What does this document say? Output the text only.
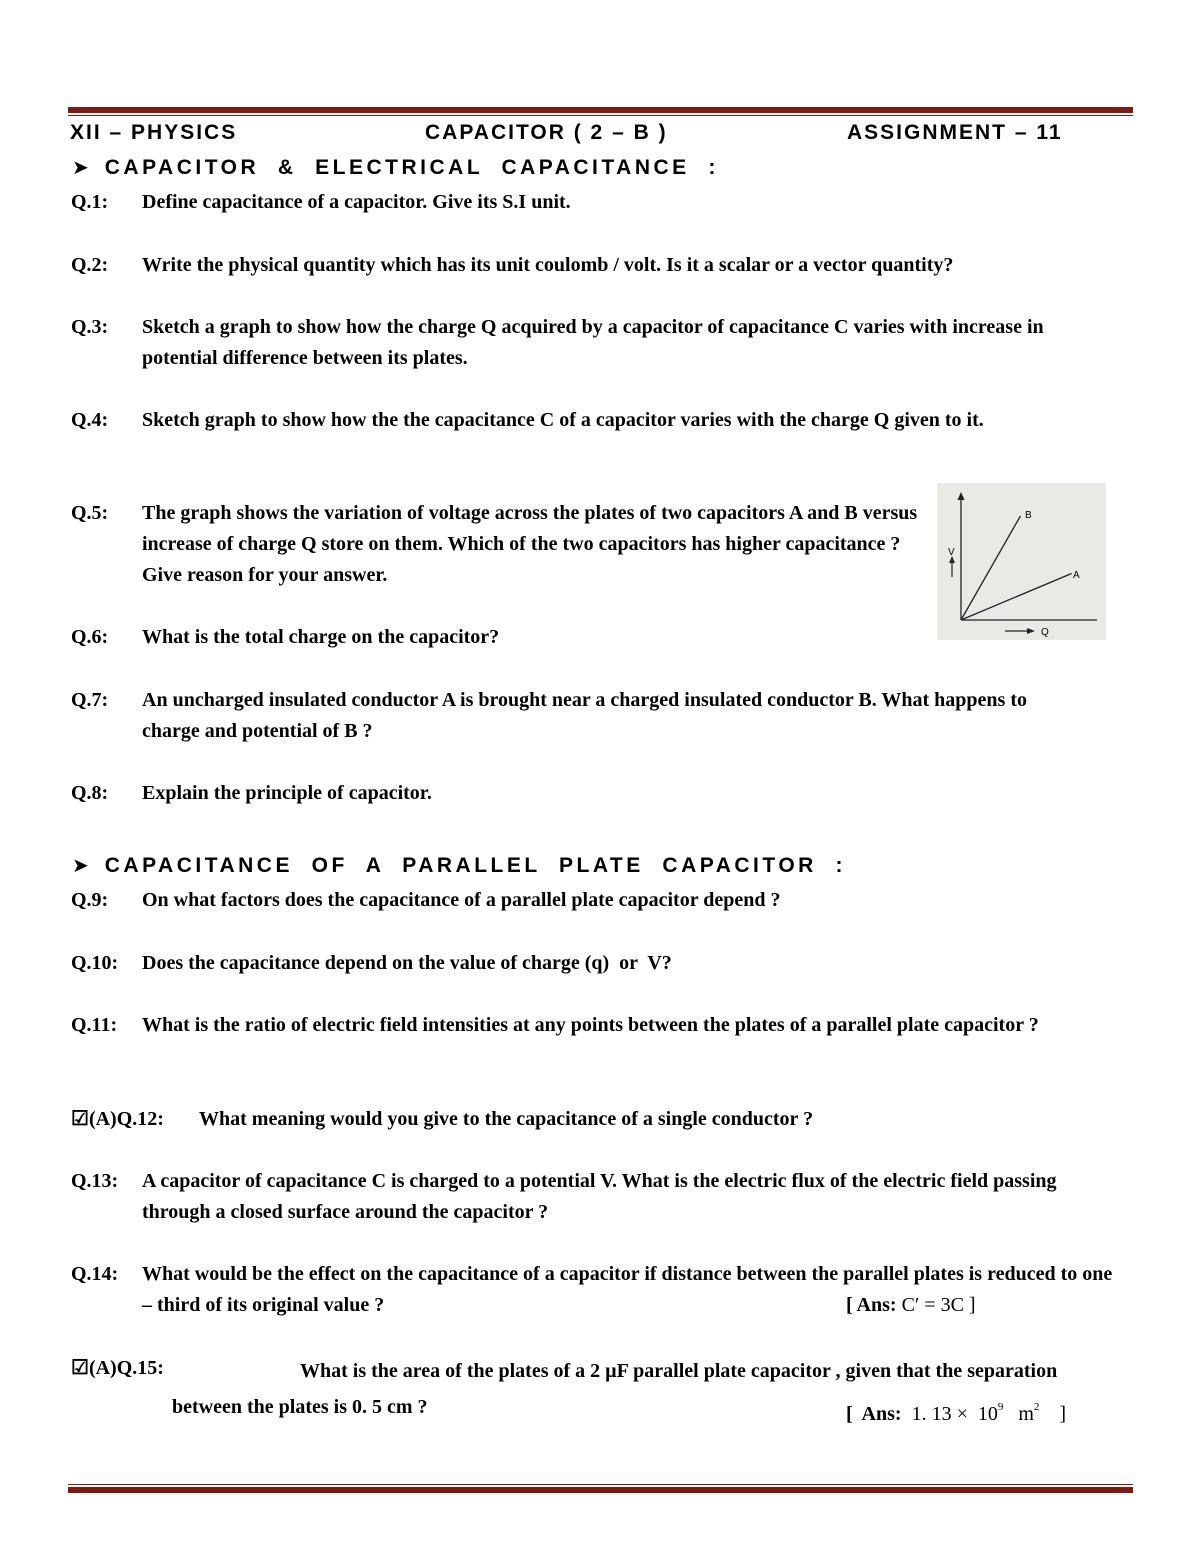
XII – PHYSICS	CAPACITOR ( 2 – B )	ASSIGNMENT – 11
➤ CAPACITOR  &  ELECTRICAL  CAPACITANCE  :
Q.1: Define capacitance of a capacitor. Give its S.I unit.
Q.2: Write the physical quantity which has its unit coulomb / volt. Is it a scalar or a vector quantity?
Q.3: Sketch a graph to show how the charge Q acquired by a capacitor of capacitance C varies with increase in potential difference between its plates.
Q.4: Sketch graph to show how the the capacitance C of a capacitor varies with the charge Q given to it.
Q.5: The graph shows the variation of voltage across the plates of two capacitors A and B versus increase of charge Q store on them. Which of the two capacitors has higher capacitance ? Give reason for your answer.
V
Q
B
A
Q.6: What is the total charge on the capacitor?
Q.7: An uncharged insulated conductor A is brought near a charged insulated conductor B. What happens to charge and potential of B ?
Q.8: Explain the principle of capacitor.
➤ CAPACITANCE  OF  A  PARALLEL  PLATE  CAPACITOR  :
Q.9: On what factors does the capacitance of a parallel plate capacitor depend ?
Q.10: Does the capacitance depend on the value of charge (q)  or  V?
Q.11: What is the ratio of electric field intensities at any points between the plates of a parallel plate capacitor ?
☑(A)Q.12: What meaning would you give to the capacitance of a single conductor ?
Q.13: A capacitor of capacitance C is charged to a potential V. What is the electric flux of the electric field passing through a closed surface around the capacitor ?
Q.14: What would be the effect on the capacitance of a capacitor if distance between the parallel plates is reduced to one – third of its original value ?	[ Ans: C′ = 3C ]
☑(A)Q.15:	What is the area of the plates of a 2 µF parallel plate capacitor , given that the separation between the plates is 0. 5 cm ?	[  Ans: 1. $13 \times 10^9$ $m^2$ ]
